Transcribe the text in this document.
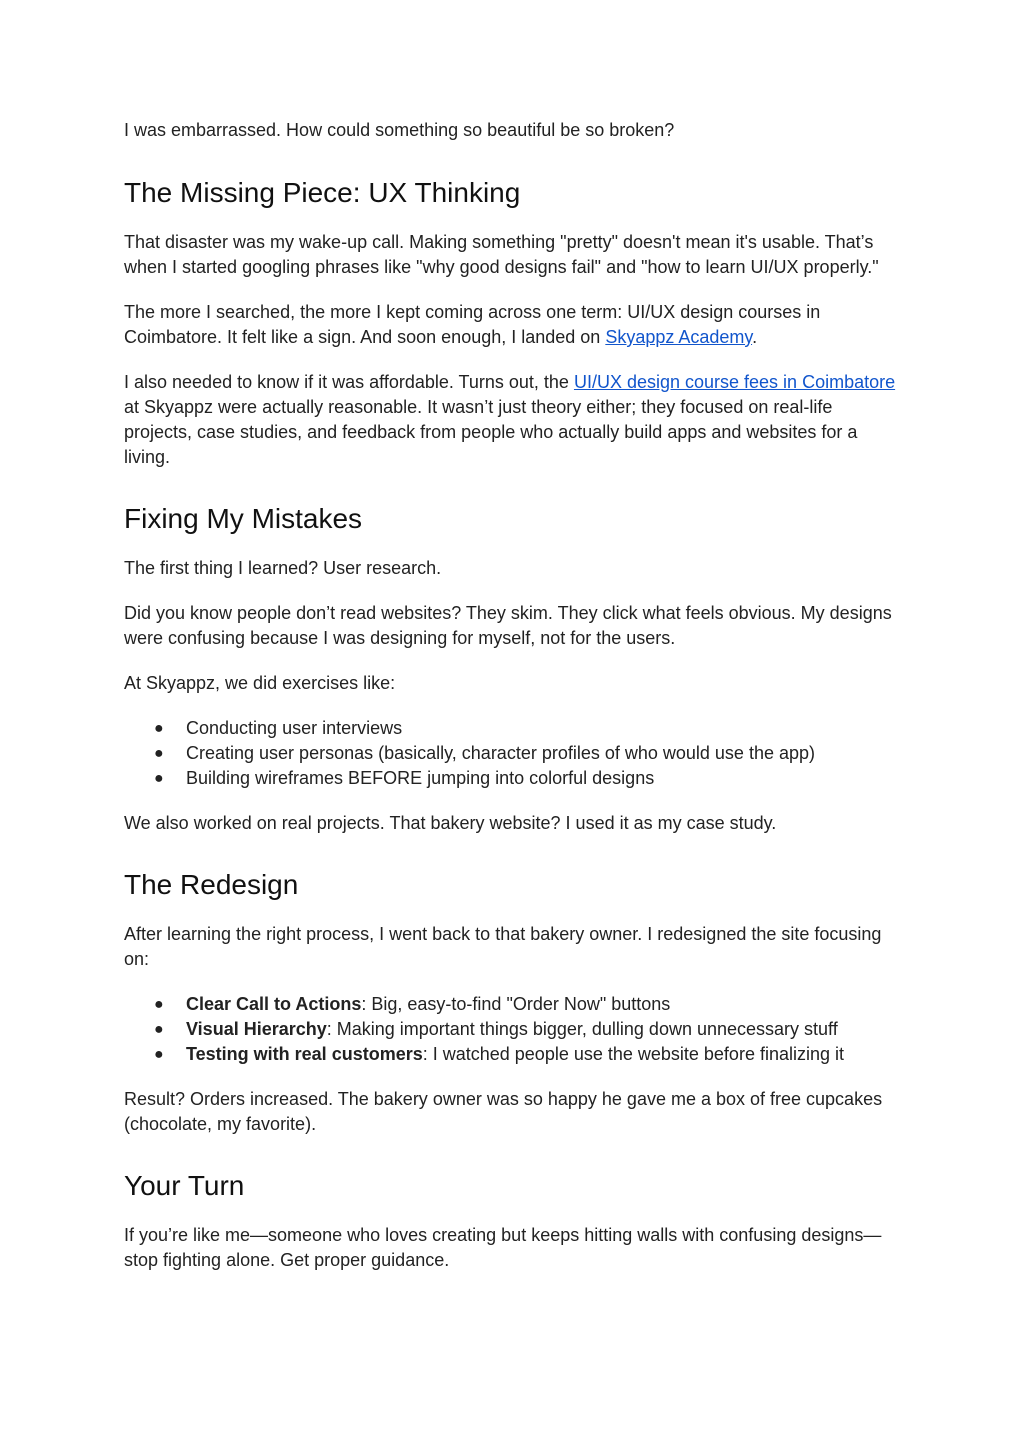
I was embarrassed. How could something so beautiful be so broken?

The Missing Piece: UX Thinking

That disaster was my wake-up call. Making something "pretty" doesn't mean it's usable. That’s when I started googling phrases like "why good designs fail" and "how to learn UI/UX properly."

The more I searched, the more I kept coming across one term: UI/UX design courses in Coimbatore. It felt like a sign. And soon enough, I landed on Skyappz Academy.

I also needed to know if it was affordable. Turns out, the UI/UX design course fees in Coimbatore at Skyappz were actually reasonable. It wasn’t just theory either; they focused on real-life projects, case studies, and feedback from people who actually build apps and websites for a living.

Fixing My Mistakes

The first thing I learned? User research.

Did you know people don’t read websites? They skim. They click what feels obvious. My designs were confusing because I was designing for myself, not for the users.

At Skyappz, we did exercises like:

● Conducting user interviews
● Creating user personas (basically, character profiles of who would use the app)
● Building wireframes BEFORE jumping into colorful designs

We also worked on real projects. That bakery website? I used it as my case study.

The Redesign

After learning the right process, I went back to that bakery owner. I redesigned the site focusing on:

● Clear Call to Actions: Big, easy-to-find "Order Now" buttons
● Visual Hierarchy: Making important things bigger, dulling down unnecessary stuff
● Testing with real customers: I watched people use the website before finalizing it

Result? Orders increased. The bakery owner was so happy he gave me a box of free cupcakes (chocolate, my favorite).

Your Turn

If you’re like me—someone who loves creating but keeps hitting walls with confusing designs—stop fighting alone. Get proper guidance.
